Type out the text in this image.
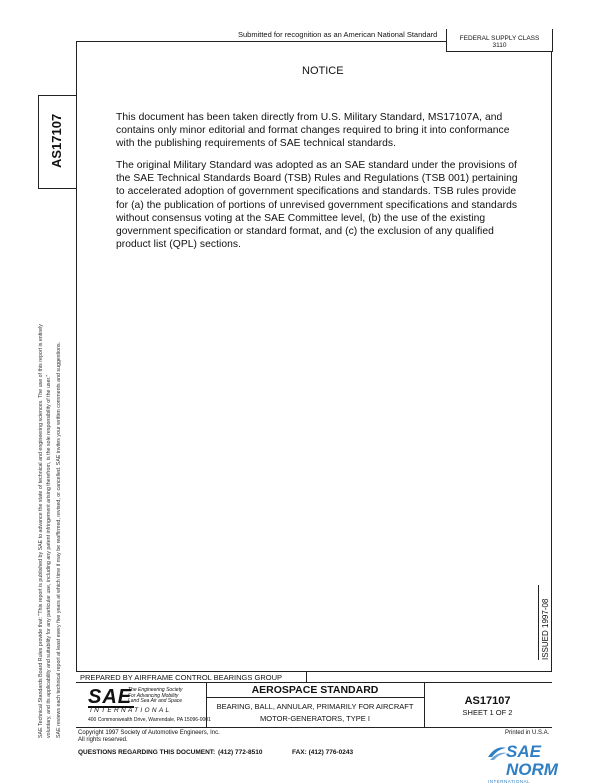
Submitted for recognition as an American National Standard	FEDERAL SUPPLY CLASS
3110
AS17107
SAE Technical Standards Board Rules provide that: "This report is published by SAE to advance the state of technical and engineering sciences. The use of this report is entirely voluntary, and its applicability and suitability for any particular use, including any patent infringement arising therefrom, is the sole responsibility of the user." SAE reviews each technical report at least every five years at which time it may be reaffirmed, revised, or cancelled. SAE invites your written comments and suggestions.	ISSUED 1997-08
NOTICE

This document has been taken directly from U.S. Military Standard, MS17107A, and contains only minor editorial and format changes required to bring it into conformance with the publishing requirements of SAE technical standards.

The original Military Standard was adopted as an SAE standard under the provisions of the SAE Technical Standards Board (TSB) Rules and Regulations (TSB 001) pertaining to accelerated adoption of government specifications and standards. TSB rules provide for (a) the publication of portions of unrevised government specifications and standards without consensus voting at the SAE Committee level, (b) the use of the existing government specification or standard format, and (c) the exclusion of any qualified product list (QPL) sections.

PREPARED BY AIRFRAME CONTROL BEARINGS GROUP
SAE
The Engineering Society
For Advancing Mobility
Land Sea Air and Space
INTERNATIONAL
400 Commonwealth Drive, Warrendale, PA 15096-0001
AEROSPACE STANDARD
BEARING, BALL, ANNULAR, PRIMARILY FOR AIRCRAFT
MOTOR-GENERATORS, TYPE I
AS17107
SHEET 1 OF 2
Copyright 1997 Society of Automotive Engineers, Inc.
All rights reserved.
Printed in U.S.A.
QUESTIONS REGARDING THIS DOCUMENT: (412) 772-8510	FAX: (412) 776-0243	SAE NORM
INTERNATIONAL
